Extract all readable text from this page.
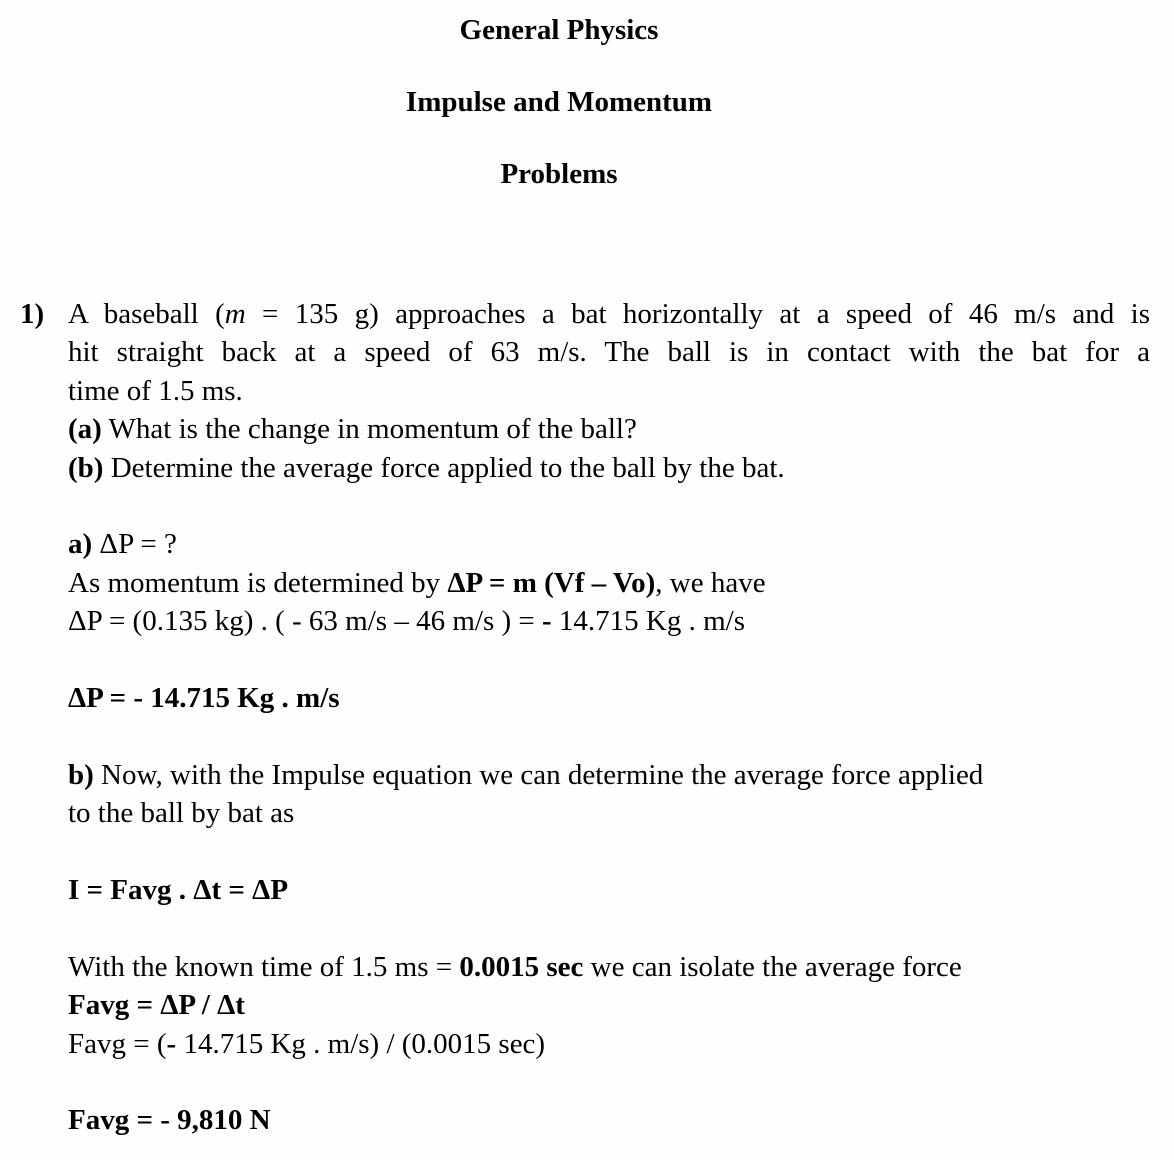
General Physics
Impulse and Momentum
Problems
1) A baseball (m = 135 g) approaches a bat horizontally at a speed of 46 m/s and is
hit straight back at a speed of 63 m/s. The ball is in contact with the bat for a
time of 1.5 ms.
(a) What is the change in momentum of the ball?
(b) Determine the average force applied to the ball by the bat.
a) ΔP = ?
As momentum is determined by ΔP = m (Vf – Vo), we have
ΔP = (0.135 kg) . ( - 63 m/s – 46 m/s ) = - 14.715 Kg . m/s
ΔP = - 14.715 Kg . m/s
b) Now, with the Impulse equation we can determine the average force applied
to the ball by bat as
I = Favg . Δt = ΔP
With the known time of 1.5 ms = 0.0015 sec we can isolate the average force
Favg = ΔP / Δt
Favg = (- 14.715 Kg . m/s) / (0.0015 sec)
Favg = - 9,810 N
